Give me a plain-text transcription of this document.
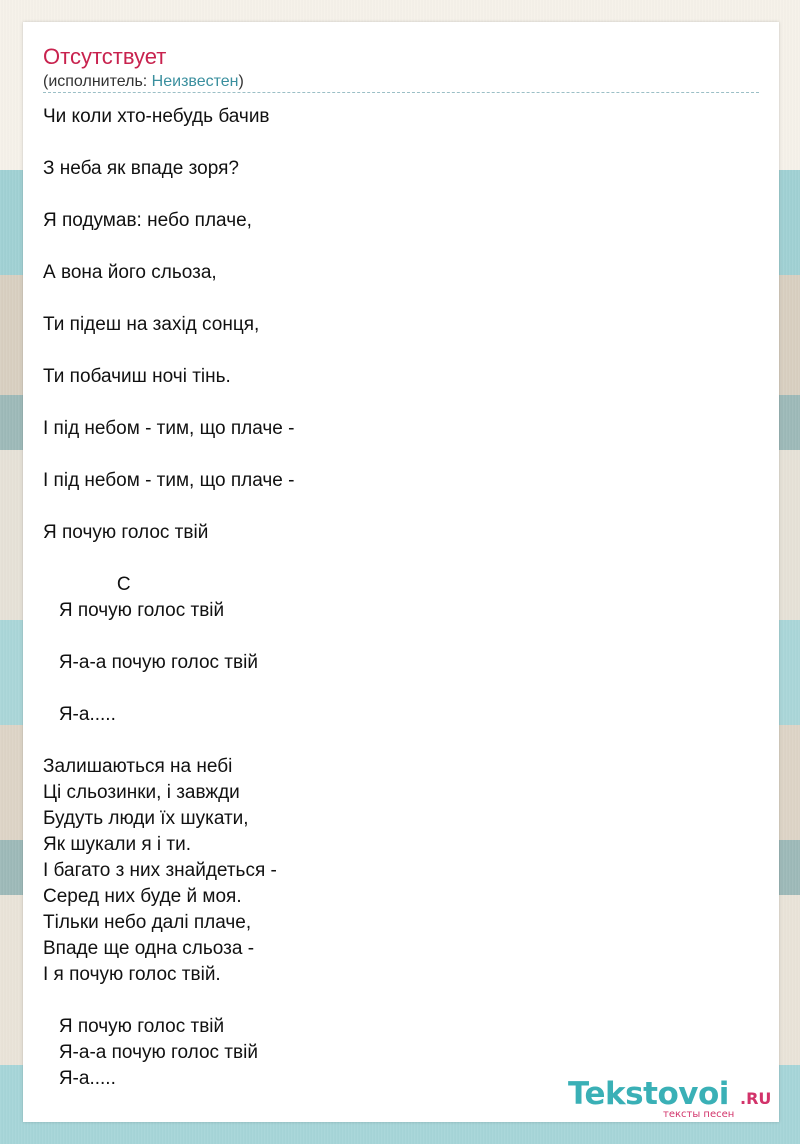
Отсутствует
(исполнитель: Неизвестен)
Чи коли хто-небудь бачив

З неба як впаде зоря?

Я подумав: небо плаче,

А вона його сльоза,

Ти підеш на захід сонця,

Ти побачиш ночі тінь.

І під небом - тим, що плаче -

І під небом - тим, що плаче -

Я почую голос твій

C
Я почую голос твій

Я-а-а почую голос твій

Я-а.....

Залишаються на небі
Ці сльозинки, і завжди
Будуть люди їх шукати,
Як шукали я і ти.
І багато з них знайдеться -
Серед них буде й моя.
Тільки небо далі плаче,
Впаде ще одна сльоза -
І я почую голос твій.

Я почую голос твій
Я-а-а почую голос твій
Я-а.....	Tekstovoi .RU
тексты песен
